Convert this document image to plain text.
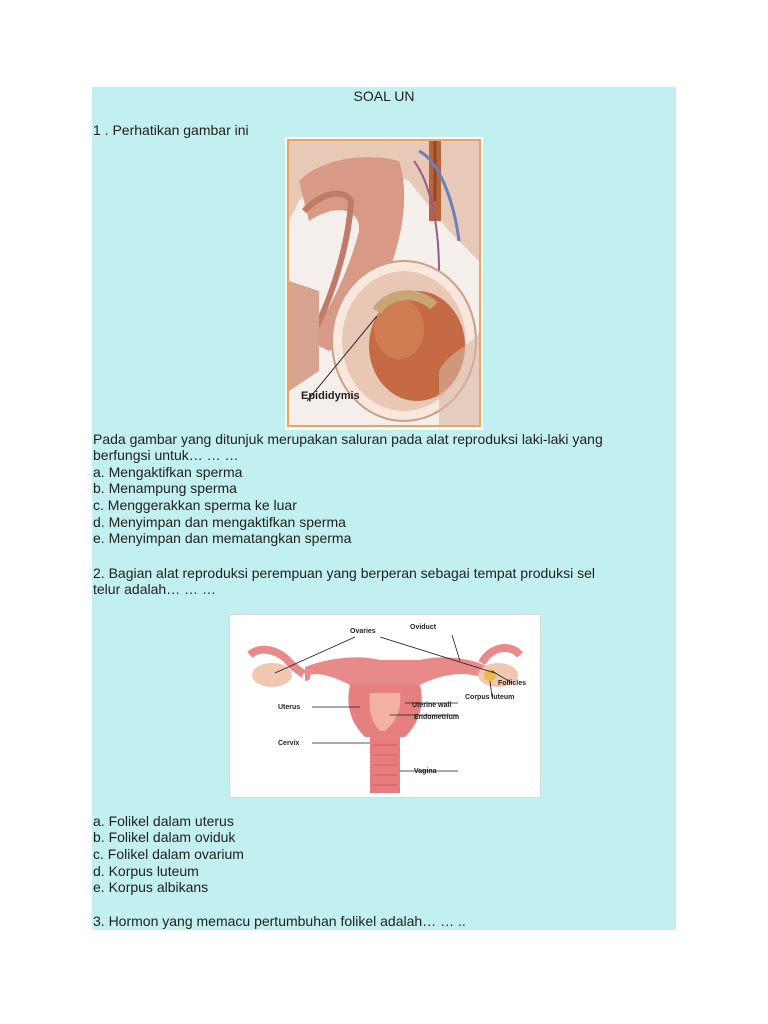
SOAL UN
1 . Perhatikan gambar ini
Epididymis
Pada gambar yang ditunjuk merupakan saluran pada alat reproduksi laki-laki yang
berfungsi untuk… … …
a. Mengaktifkan sperma
b. Menampung sperma
c. Menggerakkan sperma ke luar
d. Menyimpan dan mengaktifkan sperma
e. Menyimpan dan mematangkan sperma
2. Bagian alat reproduksi perempuan yang berperan sebagai tempat produksi sel
telur adalah… … …
Ovaries
Oviduct
Follicles
Corpus luteum
Uterine wall
Endometrium
Uterus
Cervix
Vagina
a. Folikel dalam uterus
b. Folikel dalam oviduk
c. Folikel dalam ovarium
d. Korpus luteum
e. Korpus albikans
3. Hormon yang memacu pertumbuhan folikel adalah… … ..
